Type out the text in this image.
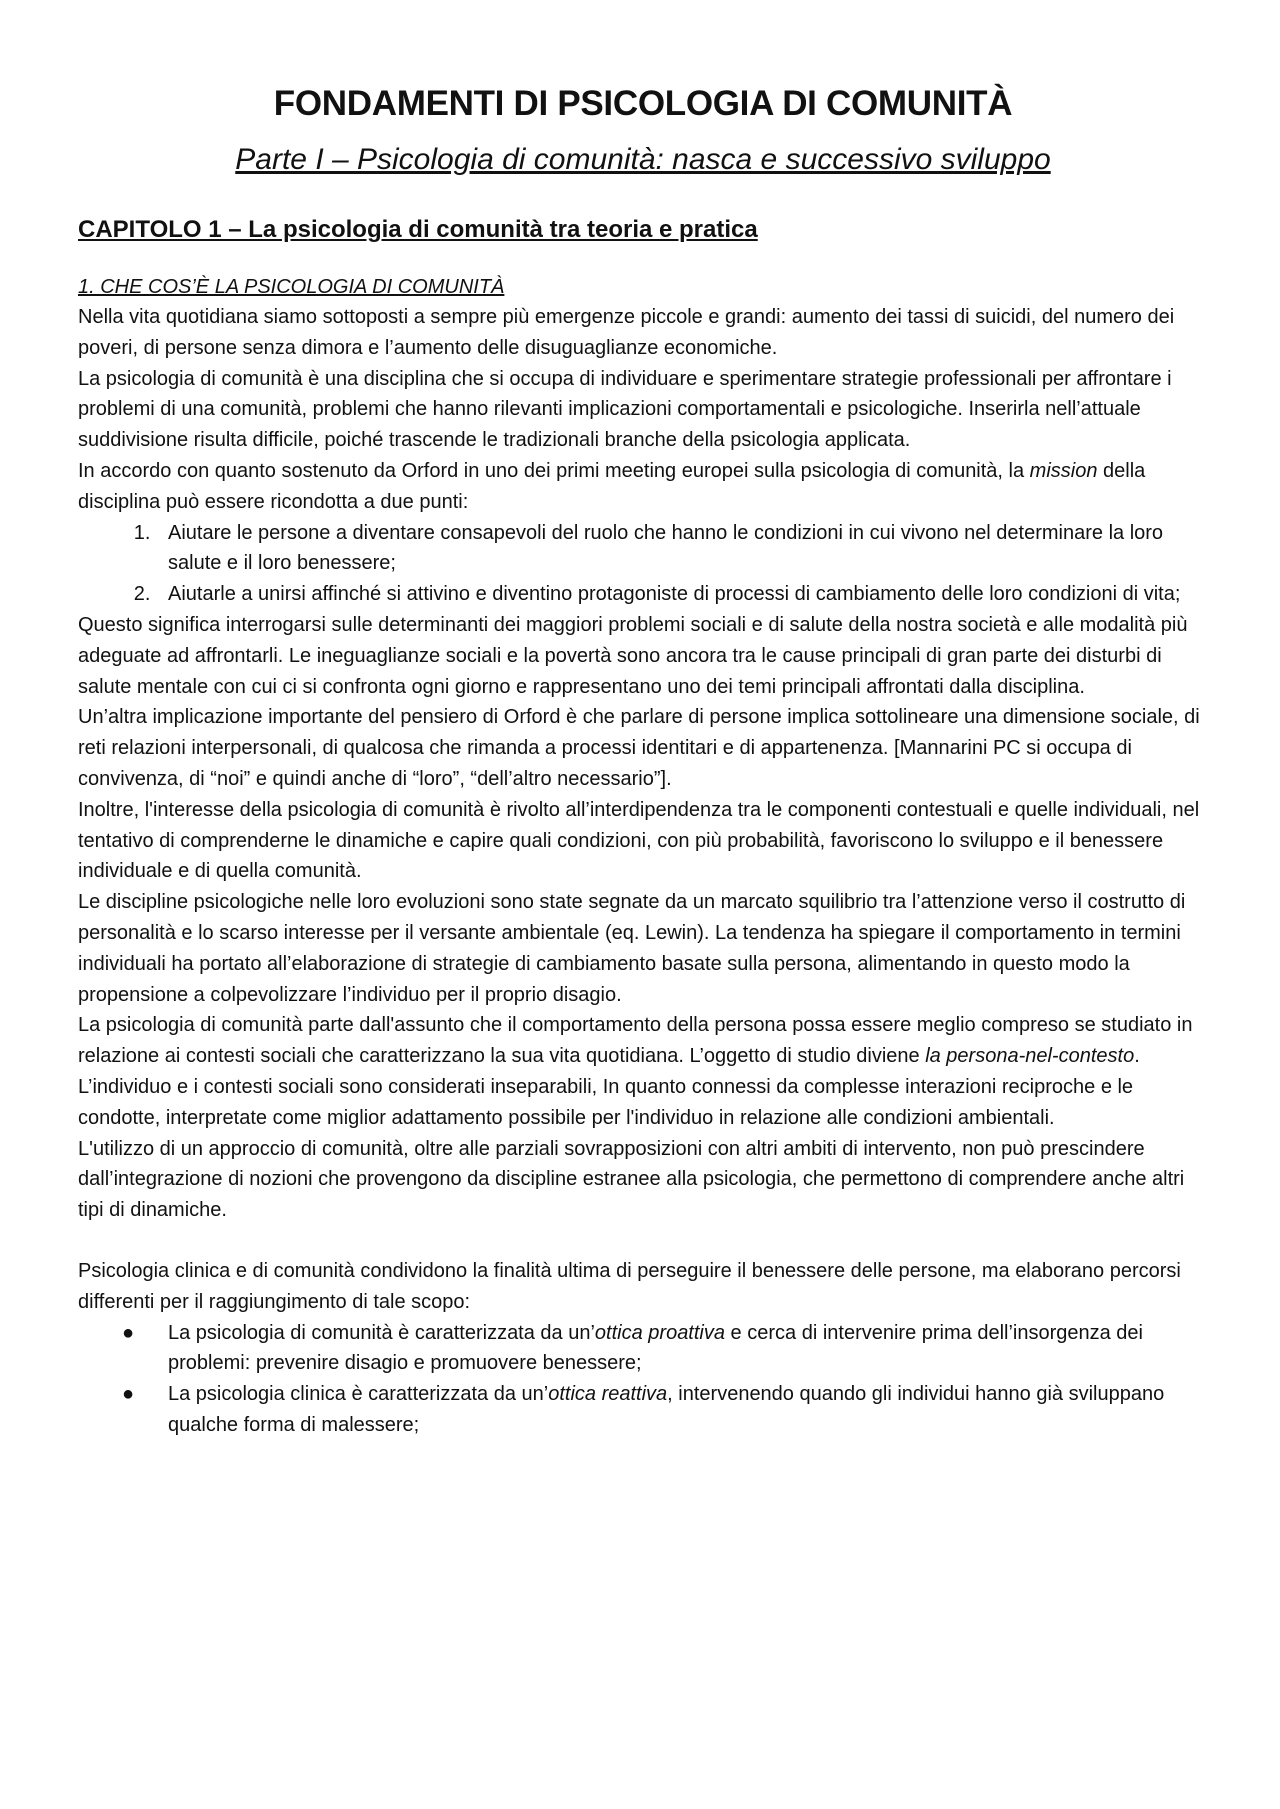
FONDAMENTI DI PSICOLOGIA DI COMUNITÀ
Parte I – Psicologia di comunità: nasca e successivo sviluppo
CAPITOLO 1 – La psicologia di comunità tra teoria e pratica
1. CHE COS’È LA PSICOLOGIA DI COMUNITÀ

Nella vita quotidiana siamo sottoposti a sempre più emergenze piccole e grandi: aumento dei tassi di suicidi, del numero dei poveri, di persone senza dimora e l’aumento delle disuguaglianze economiche.

La psicologia di comunità è una disciplina che si occupa di individuare e sperimentare strategie professionali per affrontare i problemi di una comunità, problemi che hanno rilevanti implicazioni comportamentali e psicologiche. Inserirla nell’attuale suddivisione risulta difficile, poiché trascende le tradizionali branche della psicologia applicata.

In accordo con quanto sostenuto da Orford in uno dei primi meeting europei sulla psicologia di comunità, la mission della disciplina può essere ricondotta a due punti:

1. Aiutare le persone a diventare consapevoli del ruolo che hanno le condizioni in cui vivono nel determinare la loro salute e il loro benessere;
2. Aiutarle a unirsi affinché si attivino e diventino protagoniste di processi di cambiamento delle loro condizioni di vita;

Questo significa interrogarsi sulle determinanti dei maggiori problemi sociali e di salute della nostra società e alle modalità più adeguate ad affrontarli. Le ineguaglianze sociali e la povertà sono ancora tra le cause principali di gran parte dei disturbi di salute mentale con cui ci si confronta ogni giorno e rappresentano uno dei temi principali affrontati dalla disciplina.

Un’altra implicazione importante del pensiero di Orford è che parlare di persone implica sottolineare una dimensione sociale, di reti relazioni interpersonali, di qualcosa che rimanda a processi identitari e di appartenenza. [Mannarini PC si occupa di convivenza, di “noi” e quindi anche di “loro”, “dell’altro necessario”].

Inoltre, l'interesse della psicologia di comunità è rivolto all’interdipendenza tra le componenti contestuali e quelle individuali, nel tentativo di comprenderne le dinamiche e capire quali condizioni, con più probabilità, favoriscono lo sviluppo e il benessere individuale e di quella comunità.

Le discipline psicologiche nelle loro evoluzioni sono state segnate da un marcato squilibrio tra l’attenzione verso il costrutto di personalità e lo scarso interesse per il versante ambientale (eq. Lewin). La tendenza ha spiegare il comportamento in termini individuali ha portato all’elaborazione di strategie di cambiamento basate sulla persona, alimentando in questo modo la propensione a colpevolizzare l’individuo per il proprio disagio.

La psicologia di comunità parte dall'assunto che il comportamento della persona possa essere meglio compreso se studiato in relazione ai contesti sociali che caratterizzano la sua vita quotidiana. L’oggetto di studio diviene la persona-nel-contesto. L’individuo e i contesti sociali sono considerati inseparabili, In quanto connessi da complesse interazioni reciproche e le condotte, interpretate come miglior adattamento possibile per l'individuo in relazione alle condizioni ambientali.

L'utilizzo di un approccio di comunità, oltre alle parziali sovrapposizioni con altri ambiti di intervento, non può prescindere dall’integrazione di nozioni che provengono da discipline estranee alla psicologia, che permettono di comprendere anche altri tipi di dinamiche.

Psicologia clinica e di comunità condividono la finalità ultima di perseguire il benessere delle persone, ma elaborano percorsi differenti per il raggiungimento di tale scopo:

● La psicologia di comunità è caratterizzata da un’ottica proattiva e cerca di intervenire prima dell’insorgenza dei problemi: prevenire disagio e promuovere benessere;
● La psicologia clinica è caratterizzata da un’ottica reattiva, intervenendo quando gli individui hanno già sviluppano qualche forma di malessere;
